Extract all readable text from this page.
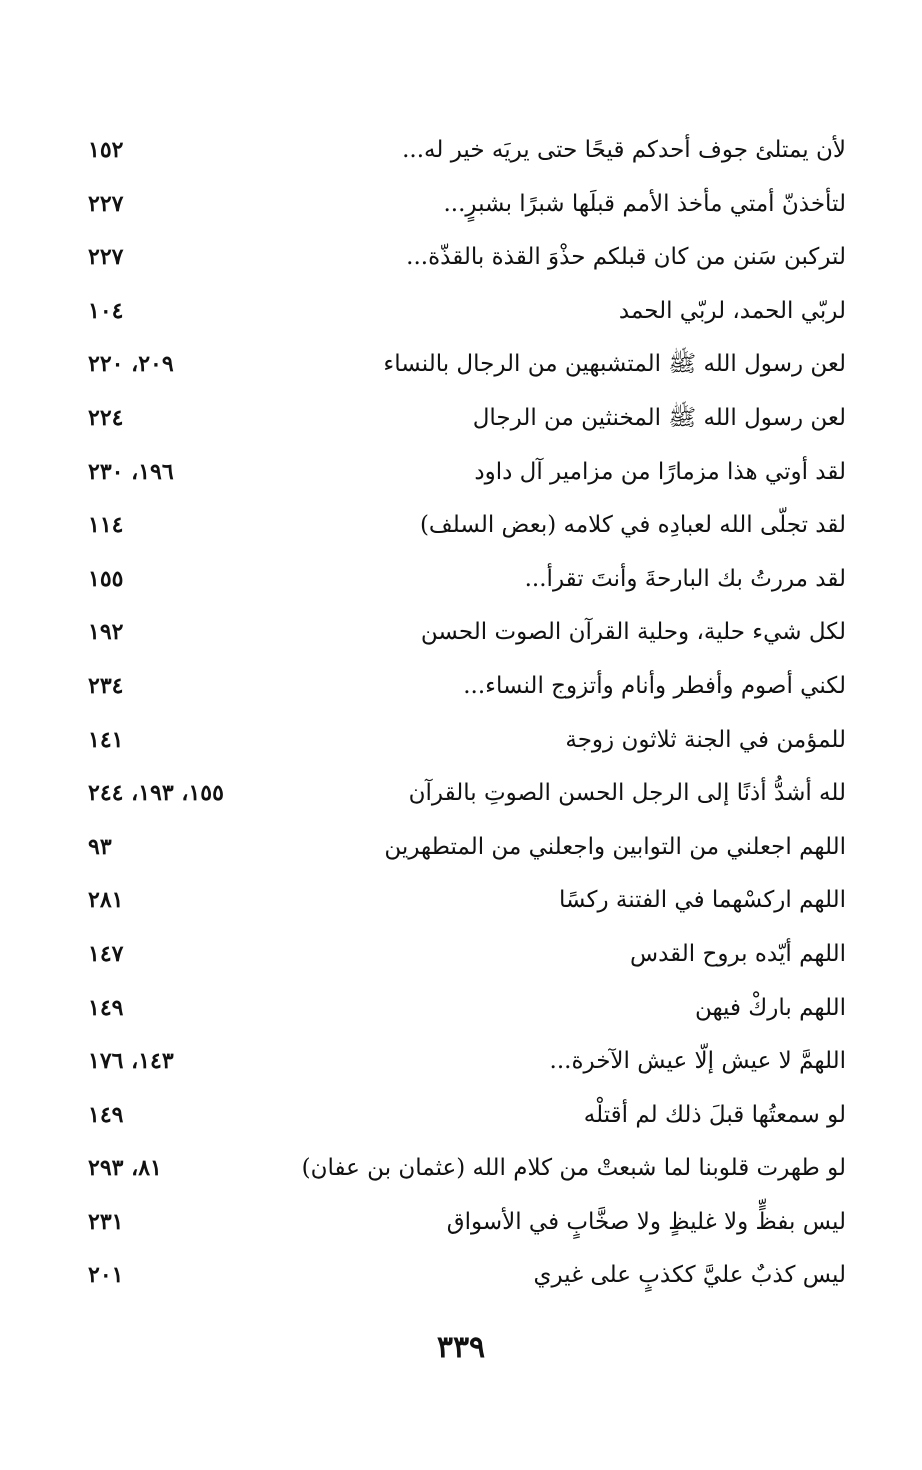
لأن يمتلئ جوف أحدكم قيحًا حتى يريَه خير له...
١٥٢
لتأخذنّ أمتي مأخذ الأمم قبلَها شبرًا بشبرٍ...
٢٢٧
لتركبن سَنن من كان قبلكم حذْوَ القذة بالقذّة...
٢٢٧
لربّي الحمد، لربّي الحمد
١٠٤
لعن رسول الله ﷺ المتشبهين من الرجال بالنساء
٢٠٩، ٢٢٠
لعن رسول الله ﷺ المخنثين من الرجال
٢٢٤
لقد أوتي هذا مزمارًا من مزامير آل داود
١٩٦، ٢٣٠
لقد تجلّى الله لعبادِه في كلامه (بعض السلف)
١١٤
لقد مررتُ بك البارحةَ وأنتَ تقرأ...
١٥٥
لكل شيء حلية، وحلية القرآن الصوت الحسن
١٩٢
لكني أصوم وأفطر وأنام وأتزوج النساء...
٢٣٤
للمؤمن في الجنة ثلاثون زوجة
١٤١
لله أشدُّ أذنًا إلى الرجل الحسن الصوتِ بالقرآن
١٥٥، ١٩٣، ٢٤٤
اللهم اجعلني من التوابين واجعلني من المتطهرين
٩٣
اللهم اركسْهما في الفتنة ركسًا
٢٨١
اللهم أيّده بروح القدس
١٤٧
اللهم باركْ فيهن
١٤٩
اللهمَّ لا عيش إلّا عيش الآخرة...
١٤٣، ١٧٦
لو سمعتُها قبلَ ذلك لم أقتلْه
١٤٩
لو طهرت قلوبنا لما شبعتْ من كلام الله (عثمان بن عفان)
٨١، ٢٩٣
ليس بفظٍّ ولا غليظٍ ولا صخَّابٍ في الأسواق
٢٣١
ليس كذبٌ عليَّ ككذبٍ على غيري
٢٠١
٣٣٩
